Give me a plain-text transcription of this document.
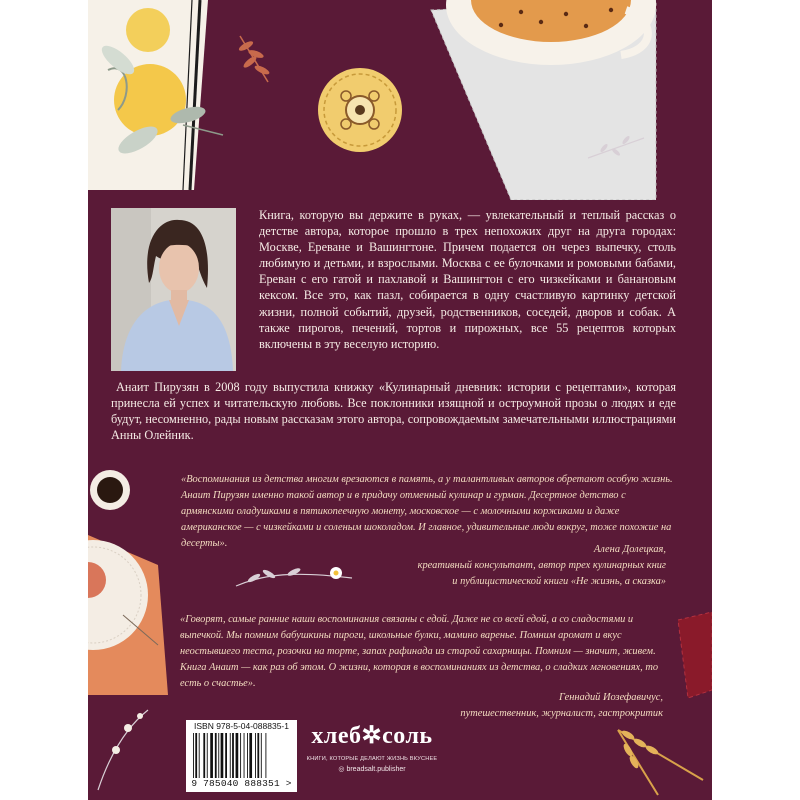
Книга, которую вы держите в руках, — увлекательный и теплый рассказ о детстве автора, которое прошло в трех непохожих друг на друга городах: Москве, Ереване и Вашингтоне. Причем подается он через выпечку, столь любимую и детьми, и взрослыми. Москва с ее булочками и ромовыми бабами, Ереван с его гатой и пахлавой и Вашингтон с его чизкейками и банановым кексом. Все это, как пазл, собирается в одну счастливую картинку детской жизни, полной событий, друзей, родственников, соседей, дворов и собак. А также пирогов, печений, тортов и пирожных, все 55 рецептов которых включены в эту веселую историю.

Анаит Пирузян в 2008 году выпустила книжку «Кулинарный дневник: истории с рецептами», которая принесла ей успех и читательскую любовь. Все поклонники изящной и остроумной прозы о людях и еде будут, несомненно, рады новым рассказам этого автора, сопровождаемым замечательными иллюстрациями Анны Олейник.

«Воспоминания из детства многим врезаются в память, а у талантливых авторов обретают особую жизнь. Анаит Пирузян именно такой автор и в придачу отменный кулинар и гурман. Десертное детство с армянскими оладушками в пятикопеечную монету, московское — с молочными коржиками и даже американское — с чизкейками и соленым шоколадом. И главное, удивительные люди вокруг, тоже похожие на десерты».

Алена Долецкая,
креативный консультант, автор трех кулинарных книг
и публицистической книги «Не жизнь, а сказка»

«Говорят, самые ранние наши воспоминания связаны с едой. Даже не со всей едой, а со сладостями и выпечкой. Мы помним бабушкины пироги, школьные булки, мамино варенье. Помним аромат и вкус неостывшего теста, розочки на торте, запах рафинада из старой сахарницы. Помним — значит, живем. Книга Анаит — как раз об этом. О жизни, которая в воспоминаниях из детства, о сладких мгновениях, то есть о счастье».

Геннадий Иозефавичус,
путешественник, журналист, гастрокритик
ISBN 978-5-04-088835-1
9 785040 888351 >
хлеб✲соль
КНИГИ, КОТОРЫЕ ДЕЛАЮТ ЖИЗНЬ ВКУСНЕЕ
◎ breadsalt.publisher
